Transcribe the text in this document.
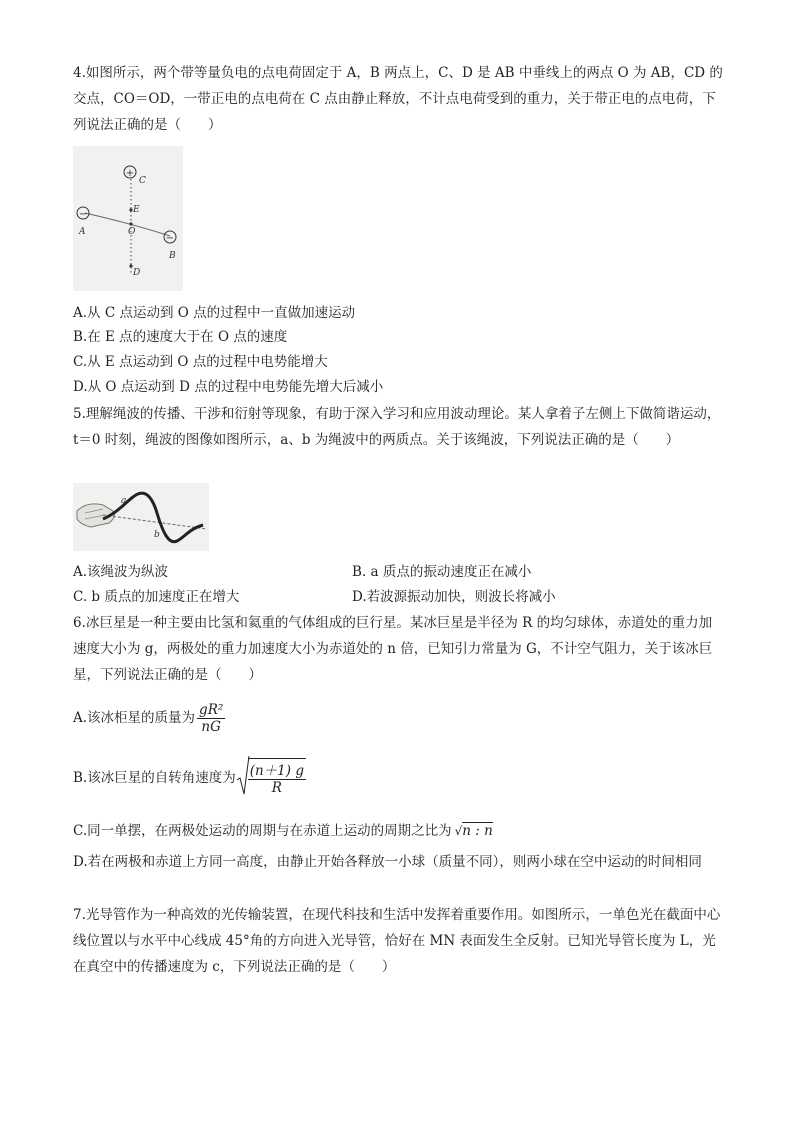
4.如图所示，两个带等量负电的点电荷固定于 A，B 两点上，C、D 是 AB 中垂线上的两点 O 为 AB，CD 的交点，CO＝OD，一带正电的点电荷在 C 点由静止释放，不计点电荷受到的重力，关于带正电的点电荷，下列说法正确的是（　　）
+
C
E
O
D
−
A
−
B
A.从 C 点运动到 O 点的过程中一直做加速运动
B.在 E 点的速度大于在 O 点的速度
C.从 E 点运动到 O 点的过程中电势能增大
D.从 O 点运动到 D 点的过程中电势能先增大后减小
5.理解绳波的传播、干涉和衍射等现象，有助于深入学习和应用波动理论。某人拿着子左侧上下做简谐运动，t＝0 时刻，绳波的图像如图所示，a、b 为绳波中的两质点。关于该绳波，下列说法正确的是（　　）
a
b
A.该绳波为纵波	B. a 质点的振动速度正在减小
C. b 质点的加速度正在增大	D.若波源振动加快，则波长将减小
6.冰巨星是一种主要由比氢和氦重的气体组成的巨行星。某冰巨星是半径为 R 的均匀球体，赤道处的重力加速度大小为 g，两极处的重力加速度大小为赤道处的 n 倍，已知引力常量为 G，不计空气阻力，关于该冰巨星，下列说法正确的是（　　）
A.该冰柜星的质量为 $\frac{\text{gR²}}{nG}$
B.该冰巨星的自转角速度为 $\frac{(n+1) g}{R}$
C.同一单摆，在两极处运动的周期与在赤道上运动的周期之比为 √n : n
D.若在两极和赤道上方同一高度，由静止开始各释放一小球（质量不同），则两小球在空中运动的时间相同
7.光导管作为一种高效的光传输装置，在现代科技和生活中发挥着重要作用。如图所示，一单色光在截面中心线位置以与水平中心线成 45°角的方向进入光导管，恰好在 MN 表面发生全反射。已知光导管长度为 L，光在真空中的传播速度为 c，下列说法正确的是（　　）
